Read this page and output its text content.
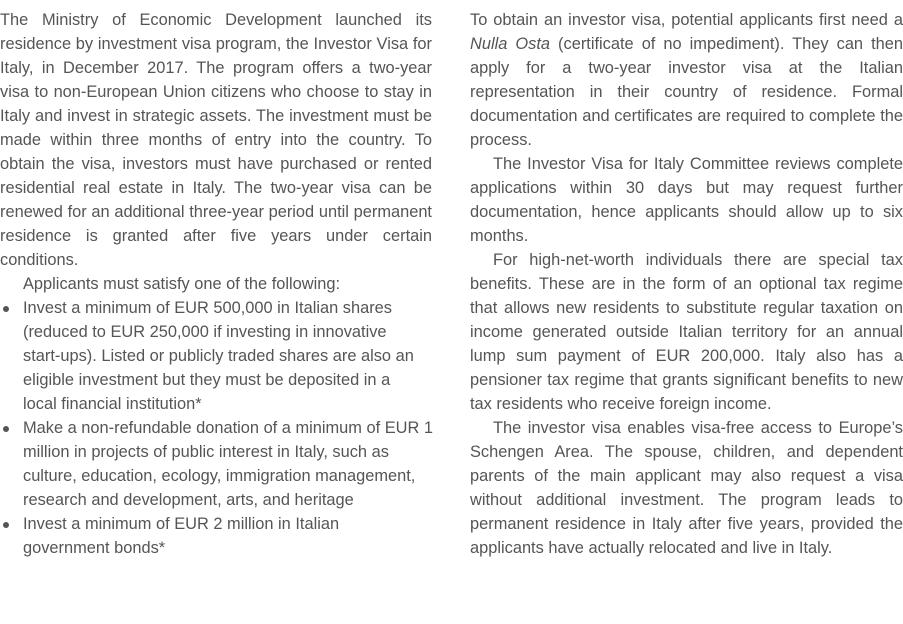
The Ministry of Economic Development launched its residence by investment visa program, the Investor Visa for Italy, in December 2017. The program offers a two-year visa to non-European Union citizens who choose to stay in Italy and invest in strategic assets. The investment must be made within three months of entry into the country. To obtain the visa, investors must have purchased or rented residential real estate in Italy. The two-year visa can be renewed for an additional three-year period until permanent residence is granted after five years under certain conditions.

Applicants must satisfy one of the following:

Invest a minimum of EUR 500,000 in Italian shares (reduced to EUR 250,000 if investing in innovative start-ups). Listed or publicly traded shares are also an eligible investment but they must be deposited in a local financial institution*
Make a non-refundable donation of a minimum of EUR 1 million in projects of public interest in Italy, such as culture, education, ecology, immigration management, research and development, arts, and heritage
Invest a minimum of EUR 2 million in Italian government bonds*

To obtain an investor visa, potential applicants first need a Nulla Osta (certificate of no impediment). They can then apply for a two-year investor visa at the Italian representation in their country of residence. Formal documentation and certificates are required to complete the process.

The Investor Visa for Italy Committee reviews complete applications within 30 days but may request further documentation, hence applicants should allow up to six months.

For high-net-worth individuals there are special tax benefits. These are in the form of an optional tax regime that allows new residents to substitute regular taxation on income generated outside Italian territory for an annual lump sum payment of EUR 200,000. Italy also has a pensioner tax regime that grants significant benefits to new tax residents who receive foreign income.

The investor visa enables visa-free access to Europe’s Schengen Area. The spouse, children, and dependent parents of the main applicant may also request a visa without additional investment. The program leads to permanent residence in Italy after five years, provided the applicants have actually relocated and live in Italy.
